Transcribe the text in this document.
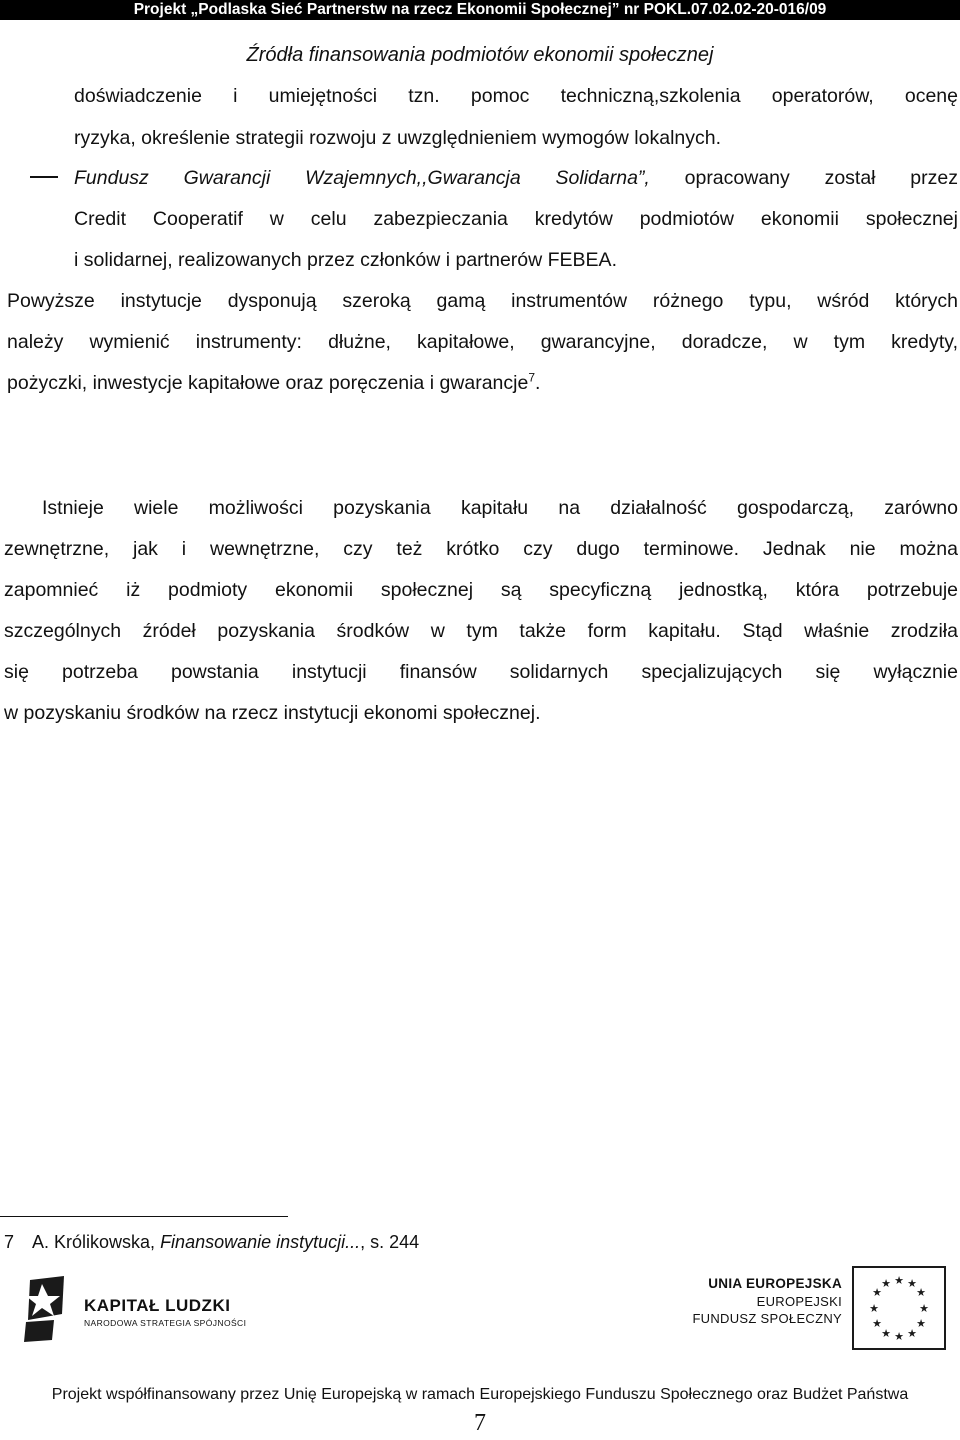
Projekt „Podlaska Sieć Partnerstw na rzecz Ekonomii Społecznej” nr POKL.07.02.02-20-016/09
Źródła finansowania podmiotów ekonomii społecznej
doświadczenie i umiejętności tzn. pomoc techniczną,szkolenia operatorów, ocenę
ryzyka, określenie strategii rozwoju z uwzględnieniem wymogów lokalnych.
Fundusz Gwarancji Wzajemnych,,Gwarancja Solidarna”, opracowany został przez
Credit Cooperatif w celu zabezpieczania kredytów podmiotów ekonomii społecznej
i solidarnej, realizowanych przez członków i partnerów FEBEA.
Powyższe instytucje dysponują szeroką gamą instrumentów różnego typu, wśród których
należy wymienić instrumenty: dłużne, kapitałowe, gwarancyjne, doradcze, w tym kredyty,
pożyczki, inwestycje kapitałowe oraz poręczenia i gwarancje$^7$.
Istnieje wiele możliwości pozyskania kapitału na działalność gospodarczą, zarówno
zewnętrzne, jak i wewnętrzne, czy też krótko czy dugo terminowe. Jednak nie można
zapomnieć iż podmioty ekonomii społecznej są specyficzną jednostką, która potrzebuje
szczególnych źródeł pozyskania środków w tym także form kapitału. Stąd właśnie zrodziła
się potrzeba powstania instytucji finansów solidarnych specjalizujących się wyłącznie
w pozyskaniu środków na rzecz instytucji ekonomi społecznej.
7 A. Królikowska, Finansowanie instytucji..., s. 244
KAPITAŁ LUDZKI
NARODOWA STRATEGIA SPÓJNOŚCI
UNIA EUROPEJSKA
EUROPEJSKI
FUNDUSZ SPOŁECZNY
★ ★
★
★
★
★
★
★
★
★
★
★
Projekt współfinansowany przez Unię Europejską w ramach Europejskiego Funduszu Społecznego oraz Budżet Państwa
7
